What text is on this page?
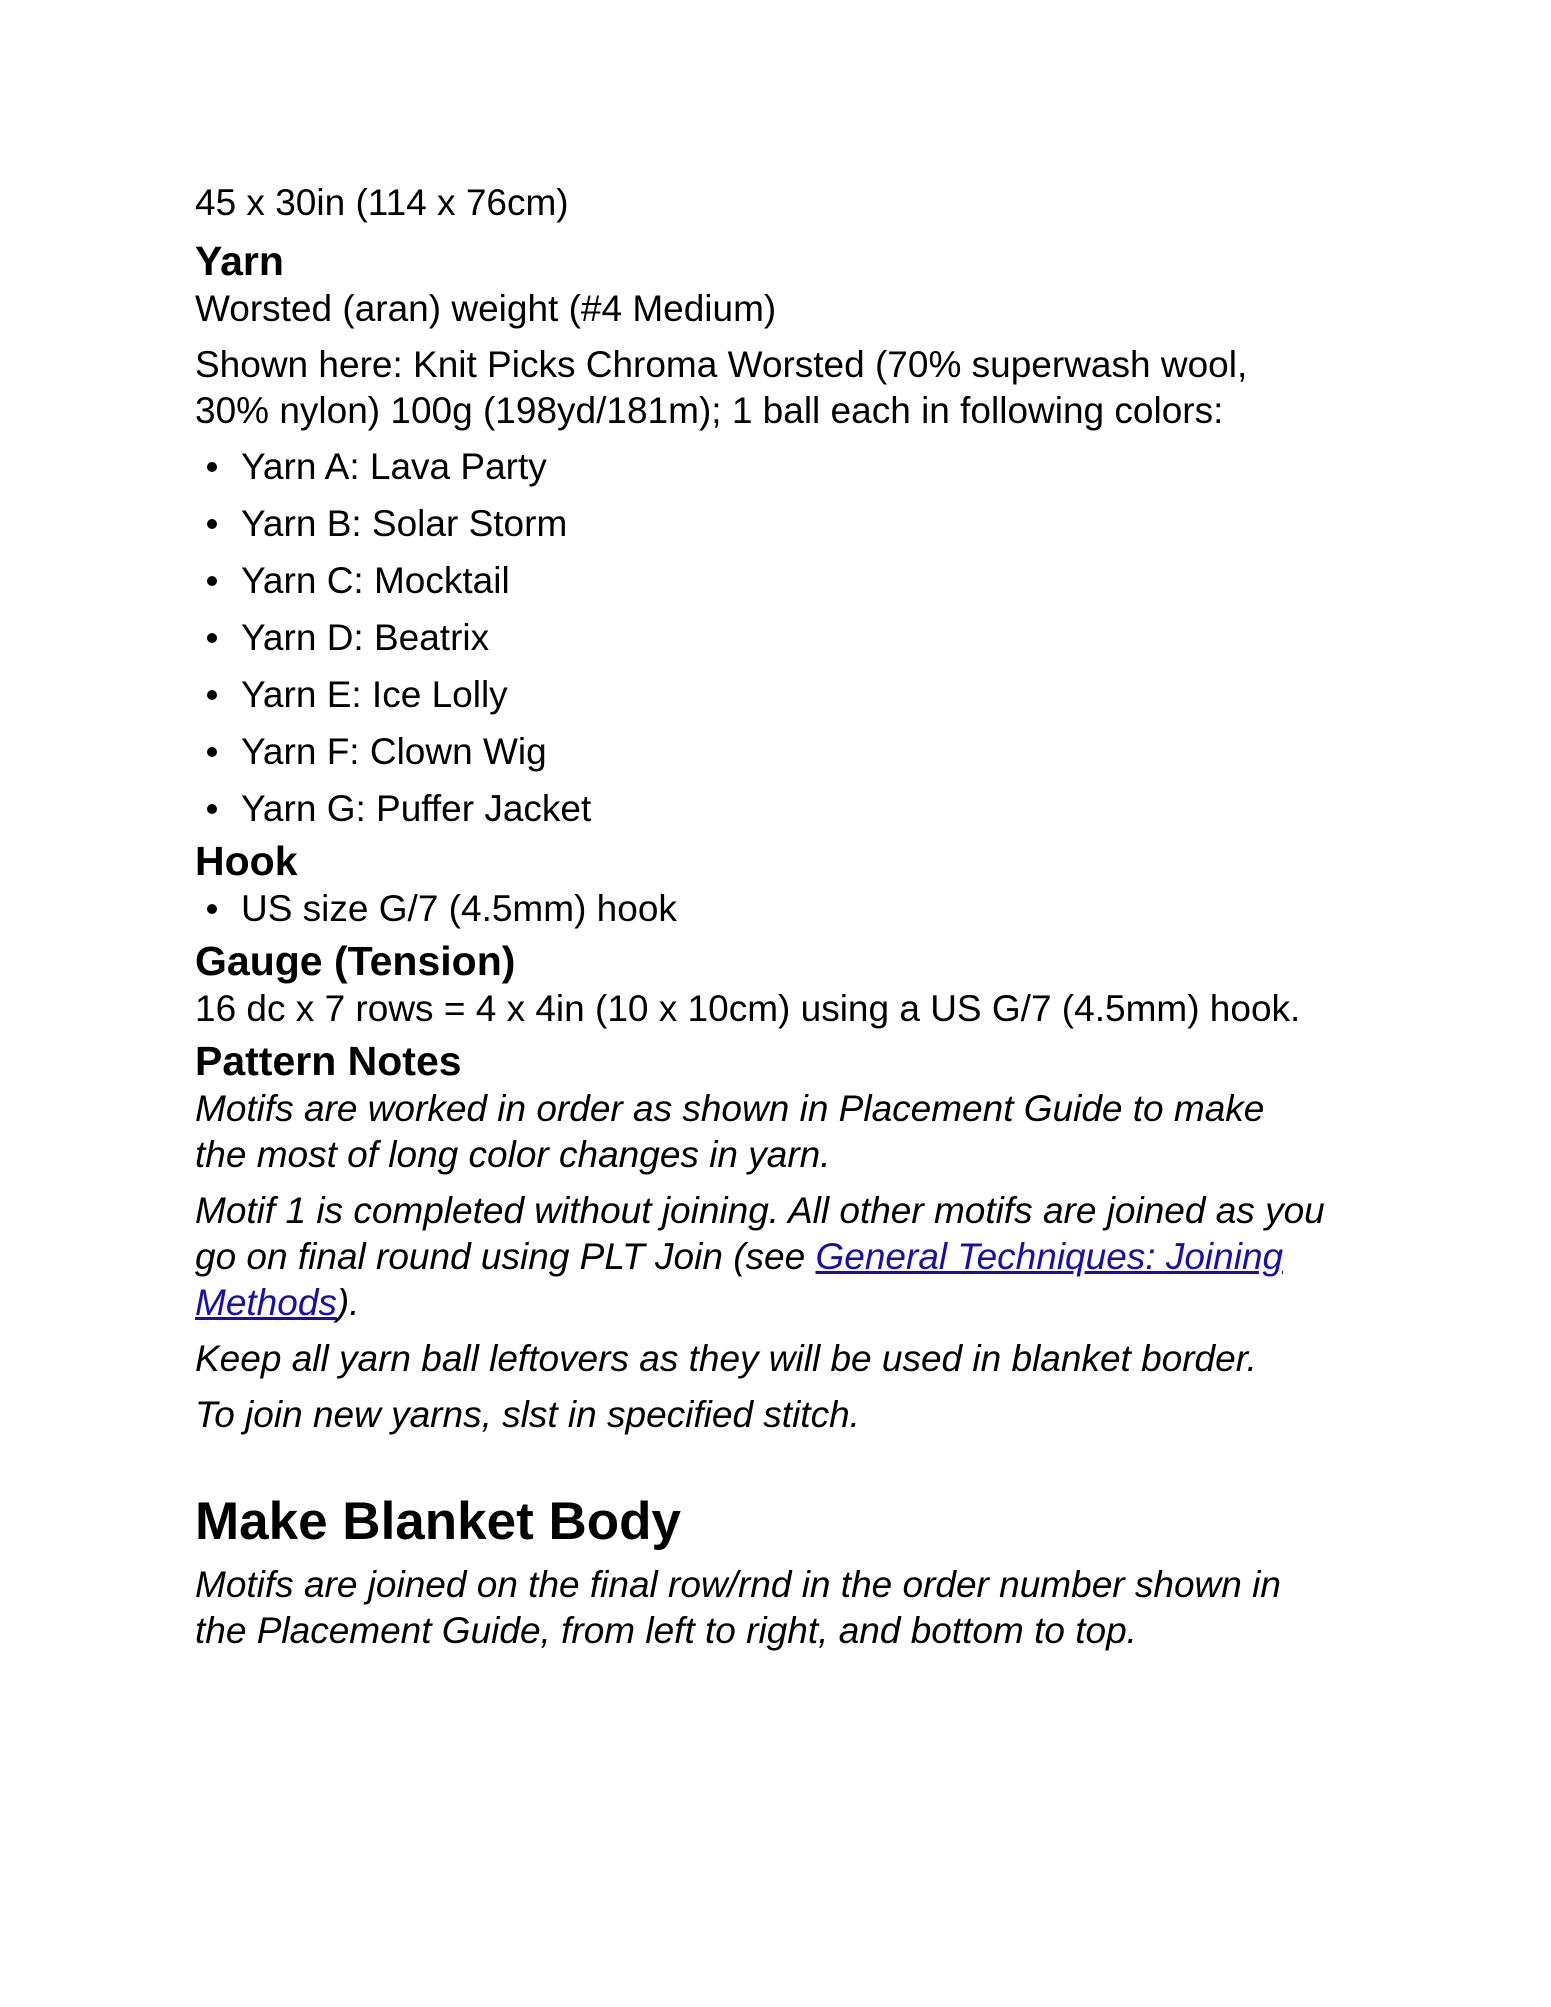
45 x 30in (114 x 76cm)

Yarn

Worsted (aran) weight (#4 Medium)

Shown here: Knit Picks Chroma Worsted (70% superwash wool, 30% nylon) 100g (198yd/181m); 1 ball each in following colors:

Yarn A: Lava Party
Yarn B: Solar Storm
Yarn C: Mocktail
Yarn D: Beatrix
Yarn E: Ice Lolly
Yarn F: Clown Wig
Yarn G: Puffer Jacket
Hook
US size G/7 (4.5mm) hook
Gauge (Tension)

16 dc x 7 rows = 4 x 4in (10 x 10cm) using a US G/7 (4.5mm) hook.

Pattern Notes

Motifs are worked in order as shown in Placement Guide to make the most of long color changes in yarn.

Motif 1 is completed without joining. All other motifs are joined as you go on final round using PLT Join (see General Techniques: Joining Methods).

Keep all yarn ball leftovers as they will be used in blanket border.

To join new yarns, slst in specified stitch.

Make Blanket Body

Motifs are joined on the final row/rnd in the order number shown in the Placement Guide, from left to right, and bottom to top.
